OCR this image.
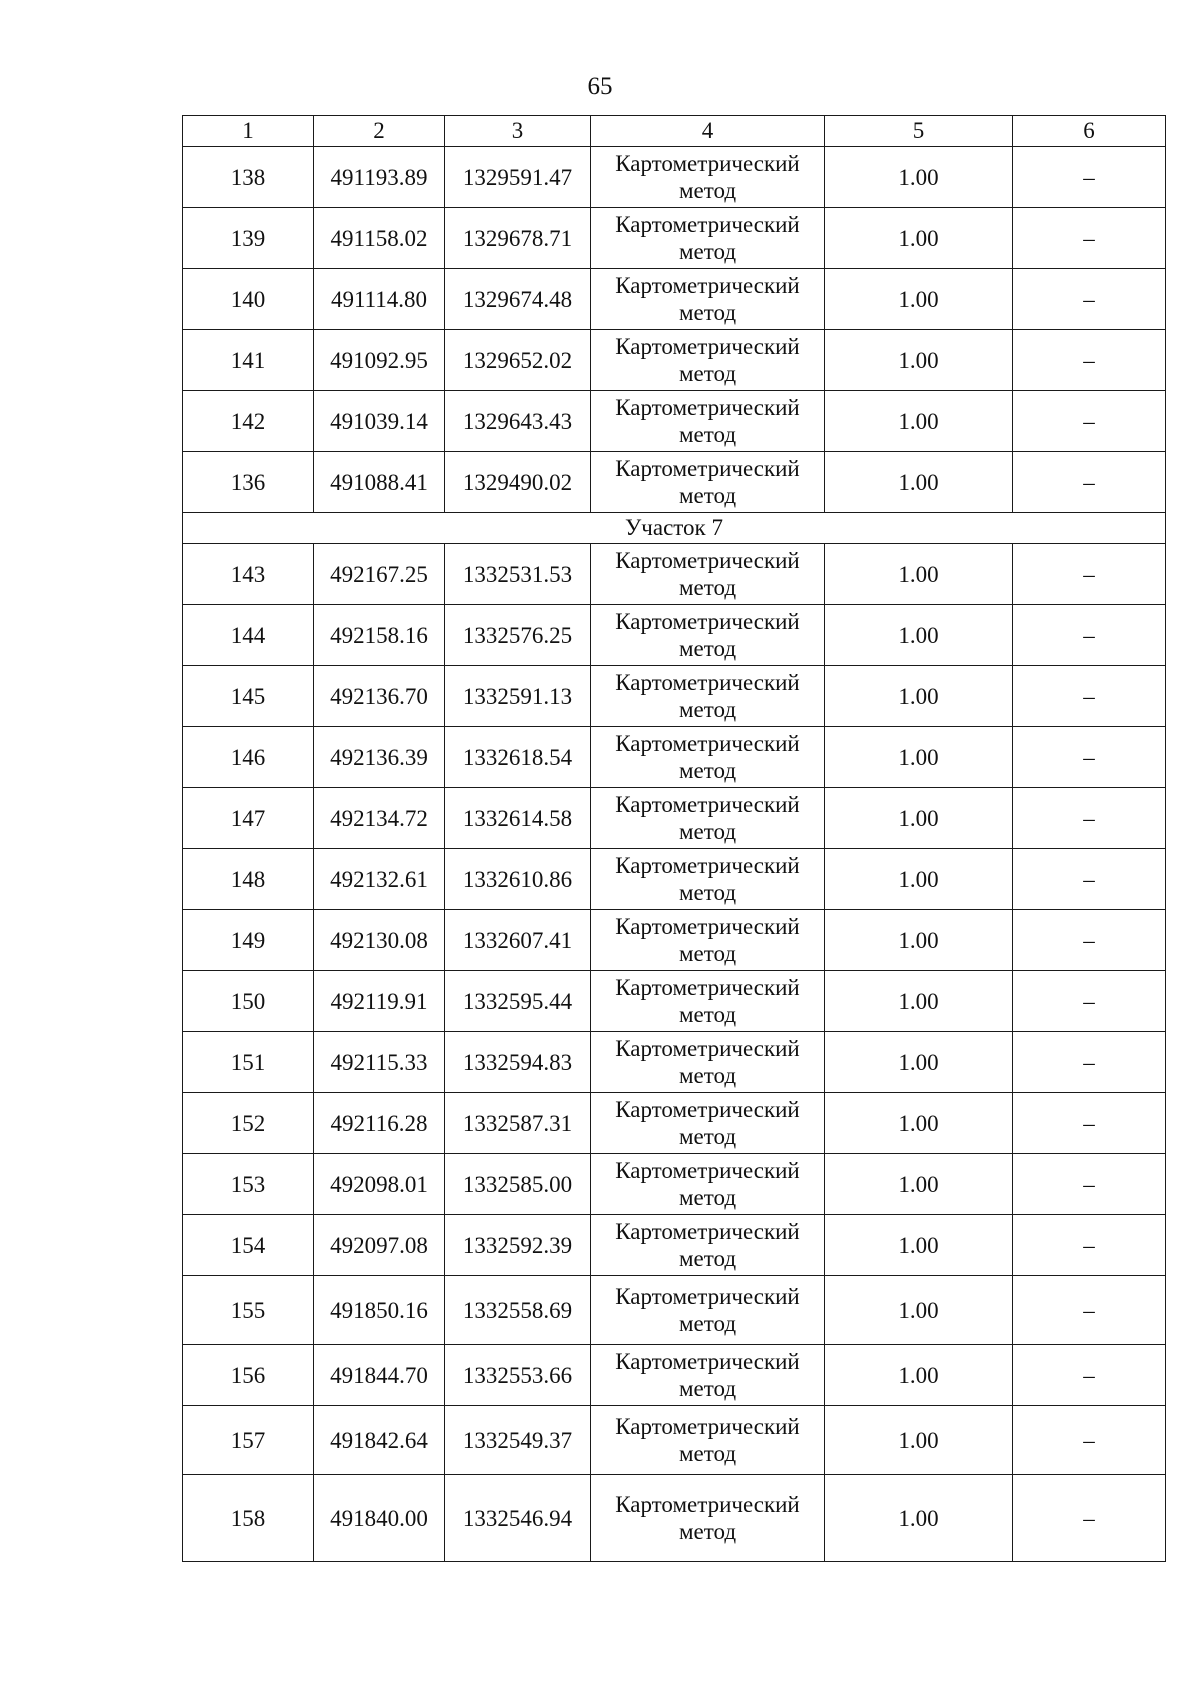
65
1	2	3	4	5	6
138	491193.89	1329591.47	Картометрический метод	1.00	–
139	491158.02	1329678.71	Картометрический метод	1.00	–
140	491114.80	1329674.48	Картометрический метод	1.00	–
141	491092.95	1329652.02	Картометрический метод	1.00	–
142	491039.14	1329643.43	Картометрический метод	1.00	–
136	491088.41	1329490.02	Картометрический метод	1.00	–
Участок 7					
143	492167.25	1332531.53	Картометрический метод	1.00	–
144	492158.16	1332576.25	Картометрический метод	1.00	–
145	492136.70	1332591.13	Картометрический метод	1.00	–
146	492136.39	1332618.54	Картометрический метод	1.00	–
147	492134.72	1332614.58	Картометрический метод	1.00	–
148	492132.61	1332610.86	Картометрический метод	1.00	–
149	492130.08	1332607.41	Картометрический метод	1.00	–
150	492119.91	1332595.44	Картометрический метод	1.00	–
151	492115.33	1332594.83	Картометрический метод	1.00	–
152	492116.28	1332587.31	Картометрический метод	1.00	–
153	492098.01	1332585.00	Картометрический метод	1.00	–
154	492097.08	1332592.39	Картометрический метод	1.00	–
155	491850.16	1332558.69	Картометрический метод	1.00	–
156	491844.70	1332553.66	Картометрический метод	1.00	–
157	491842.64	1332549.37	Картометрический метод	1.00	–
158	491840.00	1332546.94	Картометрический метод	1.00	–
